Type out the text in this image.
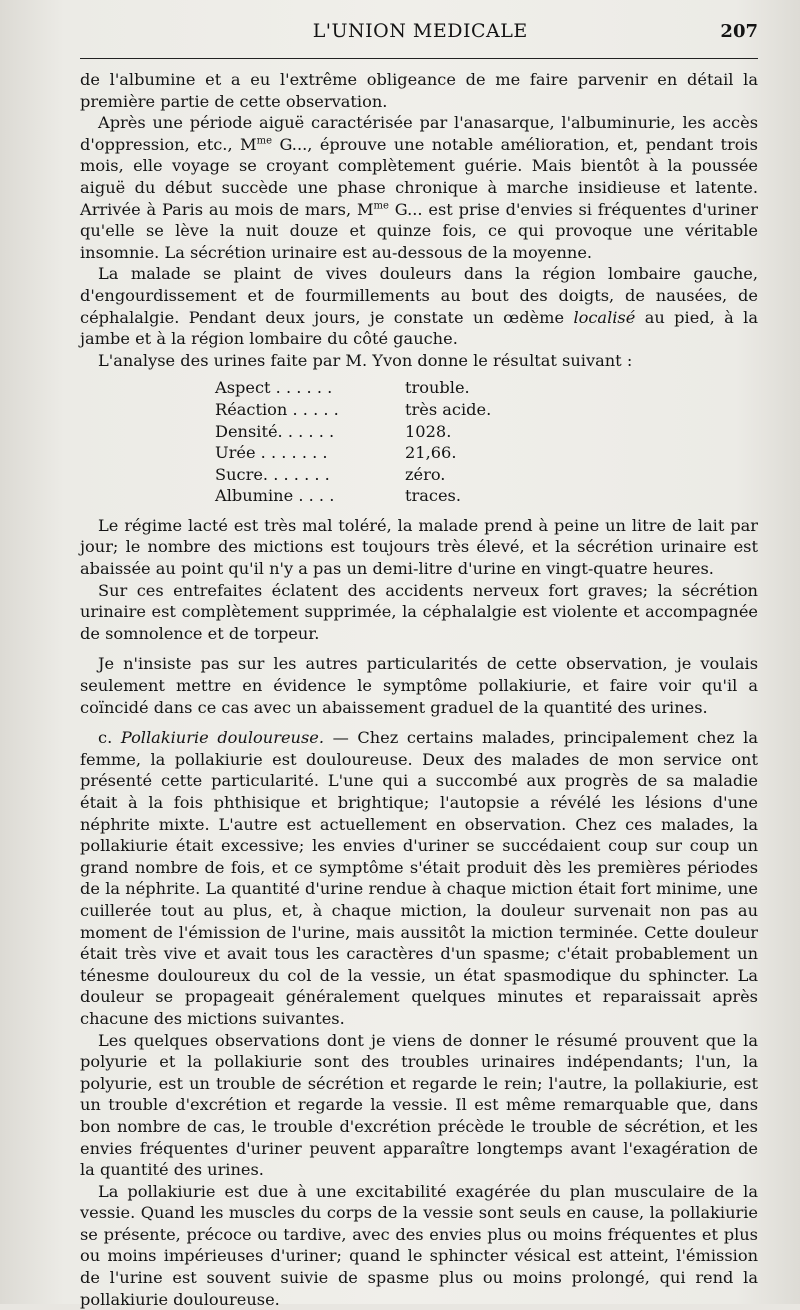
L'UNION MEDICALE	207

de l'albumine et a eu l'extrême obligeance de me faire parvenir en détail la première partie de cette observation.

Après une période aiguë caractérisée par l'anasarque, l'albuminurie, les accès d'oppression, etc., $M^{me}$ G..., éprouve une notable amélioration, et, pendant trois mois, elle voyage se croyant complètement guérie. Mais bientôt à la poussée aiguë du début succède une phase chronique à marche insidieuse et latente. Arrivée à Paris au mois de mars, $M^{me}$ G... est prise d'envies si fréquentes d'uriner qu'elle se lève la nuit douze et quinze fois, ce qui provoque une véritable insomnie. La sécrétion urinaire est au-dessous de la moyenne.

La malade se plaint de vives douleurs dans la région lombaire gauche, d'engourdissement et de fourmillements au bout des doigts, de nausées, de céphalalgie. Pendant deux jours, je constate un œdème localisé au pied, à la jambe et à la région lombaire du côté gauche.

L'analyse des urines faite par M. Yvon donne le résultat suivant :

Aspect . . . . . .	trouble.
Réaction . . . . .	très acide.
Densité. . . . . .	1028.
Urée . . . . . . .	21,66.
Sucre. . . . . . .	zéro.
Albumine . . . .	traces.

Le régime lacté est très mal toléré, la malade prend à peine un litre de lait par jour; le nombre des mictions est toujours très élevé, et la sécrétion urinaire est abaissée au point qu'il n'y a pas un demi-litre d'urine en vingt-quatre heures.

Sur ces entrefaites éclatent des accidents nerveux fort graves; la sécrétion urinaire est complètement supprimée, la céphalalgie est violente et accompagnée de somnolence et de torpeur.

Je n'insiste pas sur les autres particularités de cette observation, je voulais seulement mettre en évidence le symptôme pollakiurie, et faire voir qu'il a coïncidé dans ce cas avec un abaissement graduel de la quantité des urines.

c. Pollakiurie douloureuse. — Chez certains malades, principalement chez la femme, la pollakiurie est douloureuse. Deux des malades de mon service ont présenté cette particularité. L'une qui a succombé aux progrès de sa maladie était à la fois phthisique et brightique; l'autopsie a révélé les lésions d'une néphrite mixte. L'autre est actuellement en observation. Chez ces malades, la pollakiurie était excessive; les envies d'uriner se succédaient coup sur coup un grand nombre de fois, et ce symptôme s'était produit dès les premières périodes de la néphrite. La quantité d'urine rendue à chaque miction était fort minime, une cuillerée tout au plus, et, à chaque miction, la douleur survenait non pas au moment de l'émission de l'urine, mais aussitôt la miction terminée. Cette douleur était très vive et avait tous les caractères d'un spasme; c'était probablement un ténesme douloureux du col de la vessie, un état spasmodique du sphincter. La douleur se propageait généralement quelques minutes et reparaissait après chacune des mictions suivantes.

Les quelques observations dont je viens de donner le résumé prouvent que la polyurie et la pollakiurie sont des troubles urinaires indépendants; l'un, la polyurie, est un trouble de sécrétion et regarde le rein; l'autre, la pollakiurie, est un trouble d'excrétion et regarde la vessie. Il est même remarquable que, dans bon nombre de cas, le trouble d'excrétion précède le trouble de sécrétion, et les envies fréquentes d'uriner peuvent apparaître longtemps avant l'exagération de la quantité des urines.

La pollakiurie est due à une excitabilité exagérée du plan musculaire de la vessie. Quand les muscles du corps de la vessie sont seuls en cause, la pollakiurie se présente, précoce ou tardive, avec des envies plus ou moins fréquentes et plus ou moins impérieuses d'uriner; quand le sphincter vésical est atteint, l'émission de l'urine est souvent suivie de spasme plus ou moins prolongé, qui rend la pollakiurie douloureuse.
